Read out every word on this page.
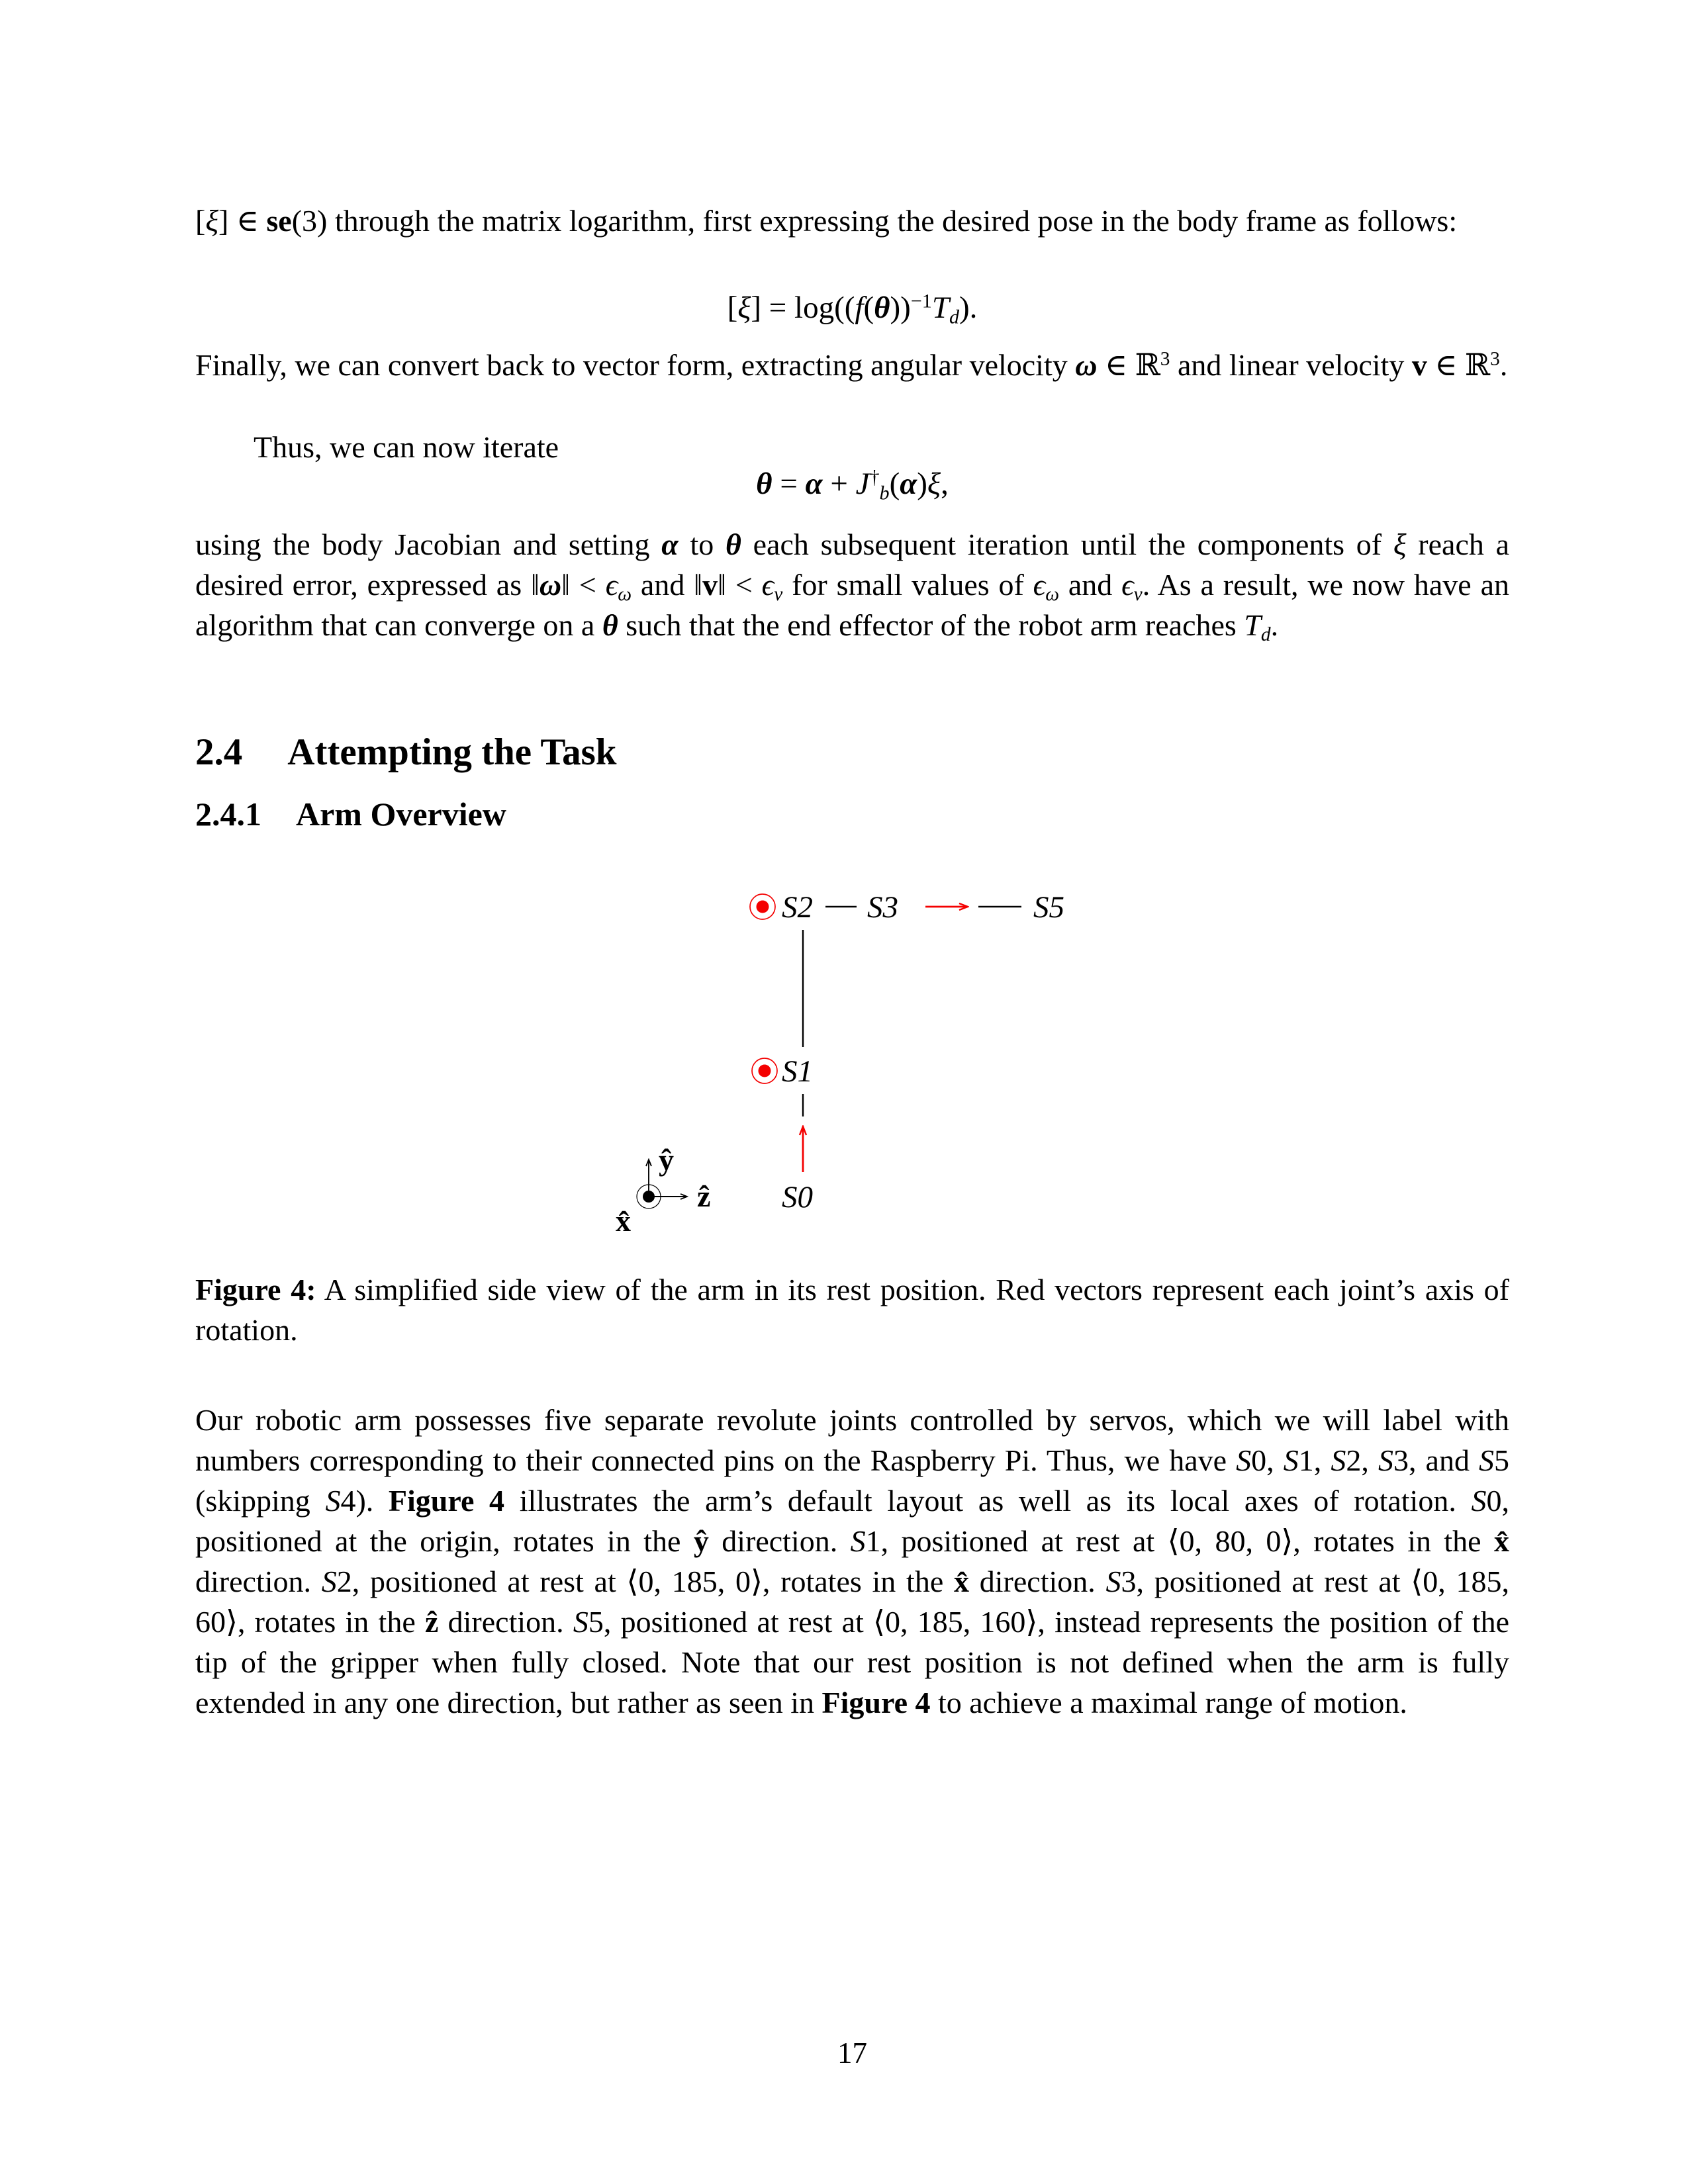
[ξ] ∈ se(3) through the matrix logarithm, first expressing the desired pose in the body frame as follows:
$[\xi] = \log((f(\theta))^{-1}Td)$.
Finally, we can convert back to vector form, extracting angular velocity ω ∈ ℝ$^3$ and linear velocity v ∈ ℝ$^3$.
Thus, we can now iterate
θ = α + J†b(α)ξ,
using the body Jacobian and setting α to θ each subsequent iteration until the components of ξ reach a desired error, expressed as ‖ω‖ < ϵω and ‖v‖ < ϵv for small values of ϵω and ϵv. As a result, we now have an algorithm that can converge on a θ such that the end effector of the robot arm reaches Td.
2.4 Attempting the Task
2.4.1 Arm Overview
S2 S3	S5
S1
S0
ŷ
ẑ
x̂
Figure 4: A simplified side view of the arm in its rest position. Red vectors represent each joint’s axis of rotation.
Our robotic arm possesses five separate revolute joints controlled by servos, which we will label with numbers corresponding to their connected pins on the Raspberry Pi. Thus, we have S0, S1, S2, S3, and S5 (skipping S4). Figure 4 illustrates the arm’s default layout as well as its local axes of rotation. S0, positioned at the origin, rotates in the ŷ direction. S1, positioned at rest at ⟨0, 80, 0⟩, rotates in the x̂ direction. S2, positioned at rest at ⟨0, 185, 0⟩, rotates in the x̂ direction. S3, positioned at rest at ⟨0, 185, 60⟩, rotates in the ẑ direction. S5, positioned at rest at ⟨0, 185, 160⟩, instead represents the position of the tip of the gripper when fully closed. Note that our rest position is not defined when the arm is fully extended in any one direction, but rather as seen in Figure 4 to achieve a maximal range of motion.
17
